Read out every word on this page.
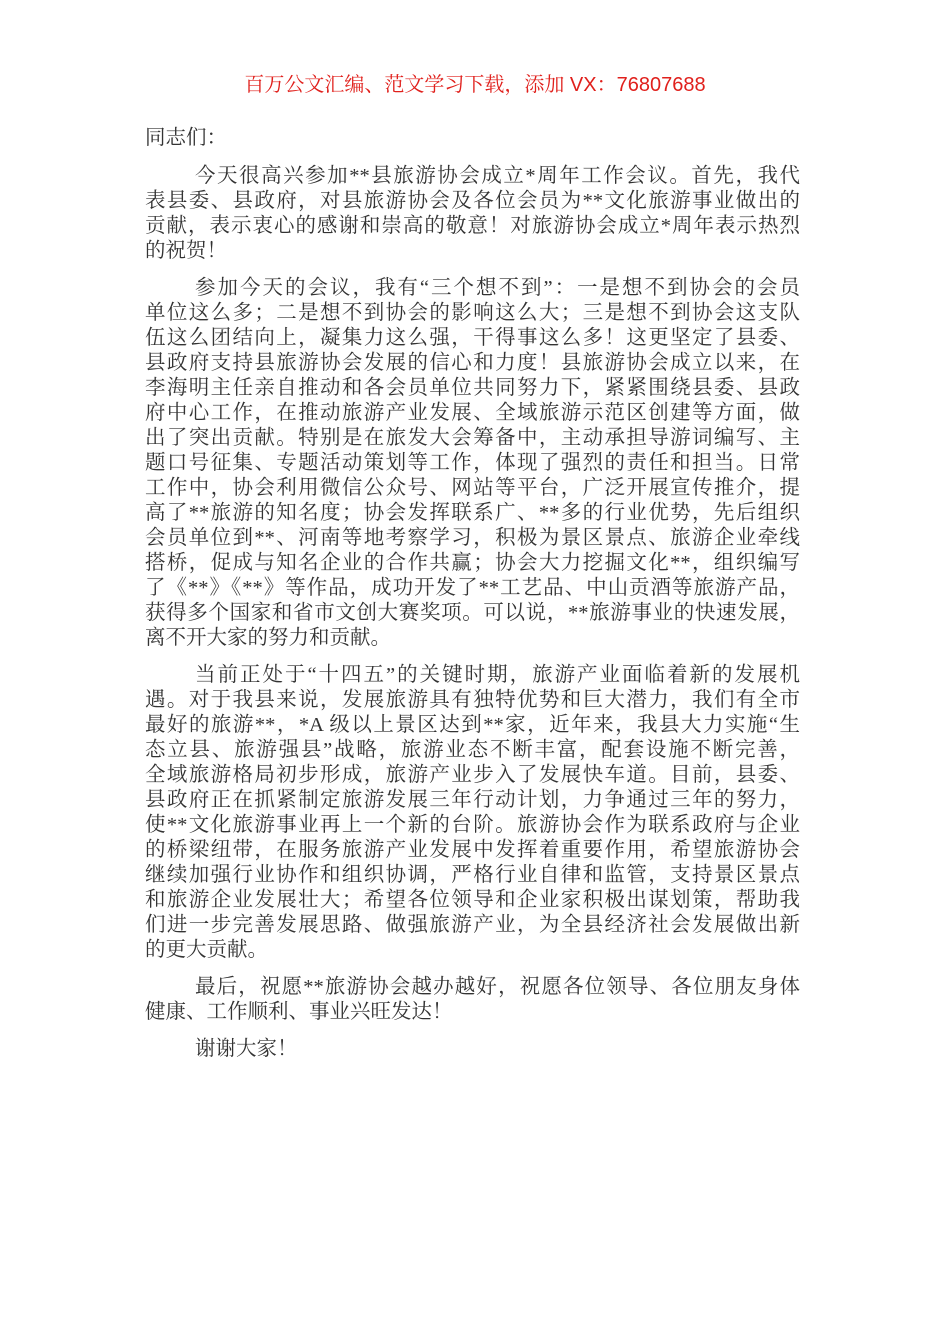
百万公文汇编、范文学习下载，添加 VX：76807688
同志们：
今天很高兴参加**县旅游协会成立*周年工作会议。首先，我代
表县委、县政府，对县旅游协会及各位会员为**文化旅游事业做出的
贡献，表示衷心的感谢和崇高的敬意！对旅游协会成立*周年表示热烈
的祝贺！
参加今天的会议，我有“三个想不到”：一是想不到协会的会员
单位这么多；二是想不到协会的影响这么大；三是想不到协会这支队
伍这么团结向上，凝集力这么强，干得事这么多！这更坚定了县委、
县政府支持县旅游协会发展的信心和力度！县旅游协会成立以来，在
李海明主任亲自推动和各会员单位共同努力下，紧紧围绕县委、县政
府中心工作，在推动旅游产业发展、全域旅游示范区创建等方面，做
出了突出贡献。特别是在旅发大会筹备中，主动承担导游词编写、主
题口号征集、专题活动策划等工作，体现了强烈的责任和担当。日常
工作中，协会利用微信公众号、网站等平台，广泛开展宣传推介，提
高了**旅游的知名度；协会发挥联系广、**多的行业优势，先后组织
会员单位到**、河南等地考察学习，积极为景区景点、旅游企业牵线
搭桥，促成与知名企业的合作共赢；协会大力挖掘文化**，组织编写
了《**》《**》等作品，成功开发了**工艺品、中山贡酒等旅游产品，
获得多个国家和省市文创大赛奖项。可以说，**旅游事业的快速发展，
离不开大家的努力和贡献。
当前正处于“十四五”的关键时期，旅游产业面临着新的发展机
遇。对于我县来说，发展旅游具有独特优势和巨大潜力，我们有全市
最好的旅游**，*A 级以上景区达到**家，近年来，我县大力实施“生
态立县、旅游强县”战略，旅游业态不断丰富，配套设施不断完善，
全域旅游格局初步形成，旅游产业步入了发展快车道。目前，县委、
县政府正在抓紧制定旅游发展三年行动计划，力争通过三年的努力，
使**文化旅游事业再上一个新的台阶。旅游协会作为联系政府与企业
的桥梁纽带，在服务旅游产业发展中发挥着重要作用，希望旅游协会
继续加强行业协作和组织协调，严格行业自律和监管，支持景区景点
和旅游企业发展壮大；希望各位领导和企业家积极出谋划策，帮助我
们进一步完善发展思路、做强旅游产业，为全县经济社会发展做出新
的更大贡献。
最后，祝愿**旅游协会越办越好，祝愿各位领导、各位朋友身体
健康、工作顺利、事业兴旺发达！
谢谢大家！
